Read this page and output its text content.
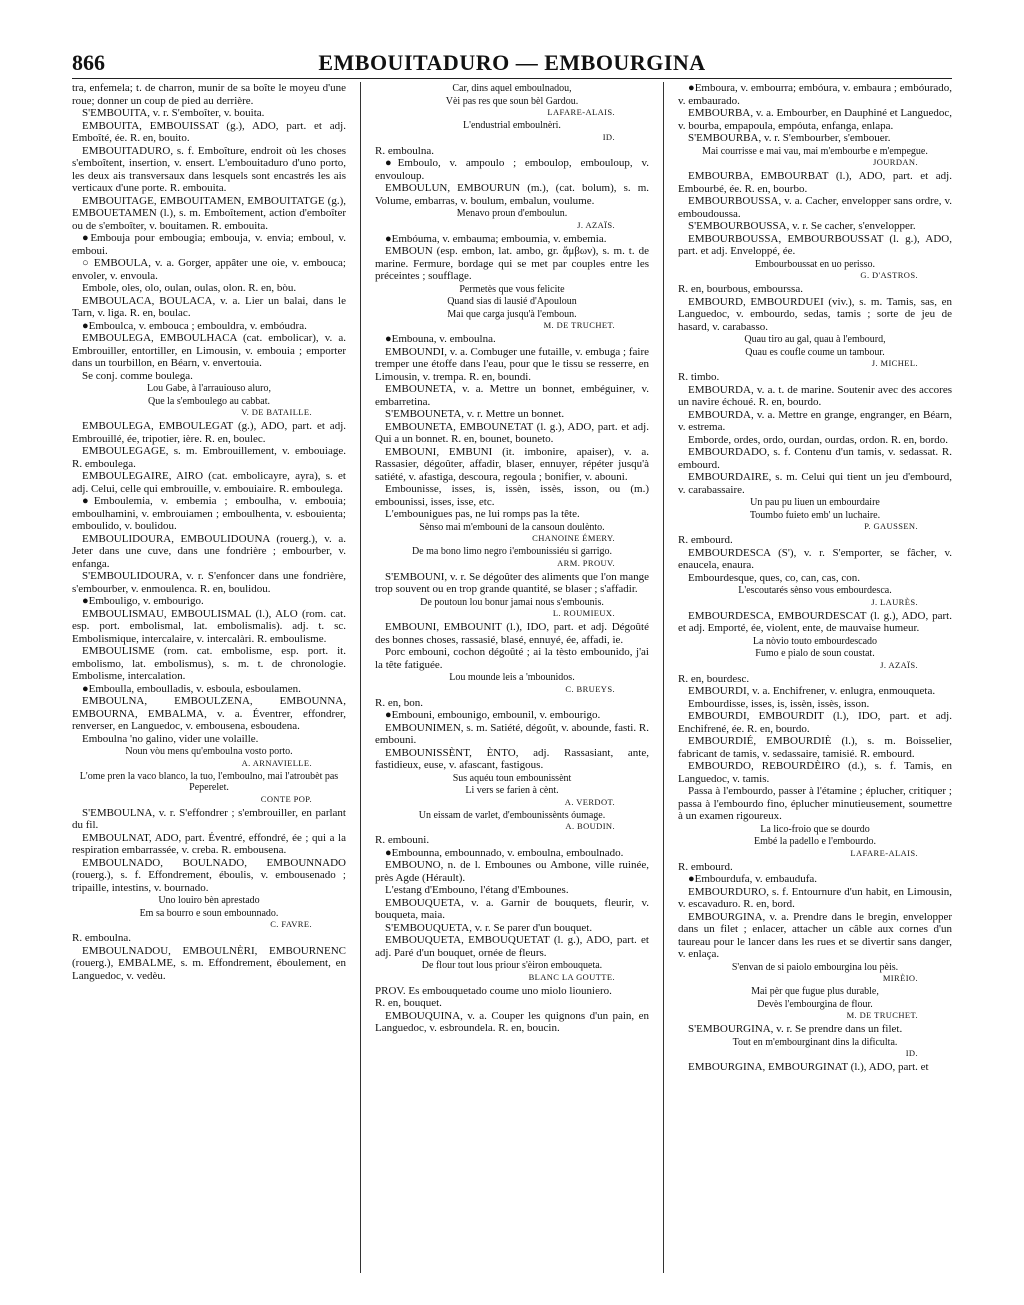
866	EMBOUITADURO — EMBOURGINA

tra, enfemela; t. de charron, munir de sa boîte le moyeu d'une roue; donner un coup de pied au derrière.

S'EMBOUITA, v. r. S'emboîter, v. bouita.

EMBOUITA, EMBOUISSAT (g.), ADO, part. et adj. Emboîté, ée. R. en, bouito.

EMBOUITADURO, s. f. Emboîture, endroit où les choses s'emboîtent, insertion, v. ensert. L'embouitaduro d'uno porto, les deux ais transversaux dans lesquels sont encastrés les ais verticaux d'une porte. R. embouita.

EMBOUITAGE, EMBOUITAMEN, EMBOUITATGE (g.), EMBOUETAMEN (l.), s. m. Emboîtement, action d'emboîter ou de s'emboîter, v. bouitamen. R. embouita.

●Embouja pour embougia; embouja, v. envia; emboul, v. emboui.

○ EMBOULA, v. a. Gorger, appâter une oie, v. embouca; envoler, v. envoula.

Embole, oles, olo, oulan, oulas, olon. R. en, bòu.

EMBOULACA, BOULACA, v. a. Lier un balai, dans le Tarn, v. liga. R. en, boulac.

●Emboulca, v. embouca ; embouldra, v. embóudra.

EMBOULEGA, EMBOULHACA (cat. embolicar), v. a. Embrouiller, entortiller, en Limousin, v. embouia ; emporter dans un tourbillon, en Béarn, v. envertouia.

Se conj. comme boulega.

Lou Gabe, à l'arrauiouso aluro,

Que la s'emboulego au cabbat.

V. DE BATAILLE.

EMBOULEGA, EMBOULEGAT (g.), ADO, part. et adj. Embrouillé, ée, tripotier, ière. R. en, boulec.

EMBOULEGAGE, s. m. Embrouillement, v. embouiage. R. emboulega.

EMBOULEGAIRE, AIRO (cat. embolicayre, ayra), s. et adj. Celui, celle qui embrouille, v. embouiaire. R. emboulega.

●Emboulemia, v. embemia ; emboulha, v. embouia; emboulhamini, v. embrouiamen ; emboulhenta, v. esbouienta; emboulido, v. boulidou.

EMBOULIDOURA, EMBOULIDOUNA (rouerg.), v. a. Jeter dans une cuve, dans une fondrière ; embourber, v. enfanga.

S'EMBOULIDOURA, v. r. S'enfoncer dans une fondrière, s'embourber, v. enmoulenca. R. en, boulidou.

●Embouligo, v. embourigo.

EMBOULISMAU, EMBOULISMAL (l.), ALO (rom. cat. esp. port. embolismal, lat. embolismalis). adj. t. sc. Embolismique, intercalaire, v. intercalàri. R. emboulisme.

EMBOULISME (rom. cat. embolisme, esp. port. it. embolismo, lat. embolismus), s. m. t. de chronologie. Embolisme, intercalation.

●Emboulla, emboulladis, v. esboula, esboulamen.

EMBOULNA, EMBOULZENA, EMBOUNNA, EMBOURNA, EMBALMA, v. a. Éventrer, effondrer, renverser, en Languedoc, v. embousena, esboudena.

Emboulna 'no galino, vider une volaille.

Noun vòu mens qu'emboulna vosto porto.

A. ARNAVIELLE.

L'ome pren la vaco blanco, la tuo, l'emboulno, mai l'atroubèt pas Peperelet.

CONTE POP.

S'EMBOULNA, v. r. S'effondrer ; s'embrouiller, en parlant du fil.

EMBOULNAT, ADO, part. Éventré, effondré, ée ; qui a la respiration embarrassée, v. creba. R. embousena.

EMBOULNADO, BOULNADO, EMBOUNNADO (rouerg.), s. f. Effondrement, éboulis, v. embousenado ; tripaille, intestins, v. bournado.

Uno louiro bèn aprestado

Em sa bourro e soun embounnado.

C. FAVRE.

R. emboulna.

EMBOULNADOU, EMBOULNÈRI, EMBOURNENC (rouerg.), EMBALME, s. m. Effondrement, éboulement, en Languedoc, v. vedèu.

Car, dins aquel emboulnadou,

Vèi pas res que soun bèl Gardou.

LAFARE-ALAIS.

L'endustrial emboulnèri.

ID.

R. emboulna.

●Emboulo, v. ampoulo ; emboulop, embouloup, v. envouloup.

EMBOULUN, EMBOURUN (m.), (cat. bolum), s. m. Volume, embarras, v. boulum, embalun, voulume.

Menavo proun d'emboulun.

J. AZAÏS.

●Embóuma, v. embauma; emboumia, v. embemia.

EMBOUN (esp. embon, lat. ambo, gr. ἄμβων), s. m. t. de marine. Fermure, bordage qui se met par couples entre les préceintes ; soufflage.

Permetès que vous felicite

Quand sias di lausié d'Apouloun

Mai que carga jusqu'à l'emboun.

M. DE TRUCHET.

●Embouna, v. emboulna.

EMBOUNDI, v. a. Combuger une futaille, v. embuga ; faire tremper une étoffe dans l'eau, pour que le tissu se resserre, en Limousin, v. trempa. R. en, boundi.

EMBOUNETA, v. a. Mettre un bonnet, embéguiner, v. embarretina.

S'EMBOUNETA, v. r. Mettre un bonnet.

EMBOUNETA, EMBOUNETAT (l. g.), ADO, part. et adj. Qui a un bonnet. R. en, bounet, bouneto.

EMBOUNI, EMBUNI (it. imbonire, apaiser), v. a. Rassasier, dégoûter, affadir, blaser, ennuyer, répéter jusqu'à satiété, v. afastiga, descoura, regoula ; bonifier, v. abouni.

Embounisse, isses, is, issèn, issès, isson, ou (m.) embounissi, isses, isse, etc.

L'embounigues pas, ne lui romps pas la tête.

Sènso mai m'embouni de la cansoun doulènto.

CHANOINE ÉMERY.

De ma bono limo negro i'embounissiéu si garrigo.

ARM. PROUV.

S'EMBOUNI, v. r. Se dégoûter des aliments que l'on mange trop souvent ou en trop grande quantité, se blaser ; s'affadir.

De poutoun lou bonur jamai nous s'embounis.

L. ROUMIEUX.

EMBOUNI, EMBOUNIT (l.), IDO, part. et adj. Dégoûté des bonnes choses, rassasié, blasé, ennuyé, ée, affadi, ie.

Porc embouni, cochon dégoûté ; ai la tèsto embounido, j'ai la tête fatiguée.

Lou mounde leis a 'mbounidos.

C. BRUEYS.

R. en, bon.

●Embouni, embounigo, embounil, v. embourigo.

EMBOUNIMEN, s. m. Satiété, dégoût, v. abounde, fasti. R. embouni.

EMBOUNISSÈNT, ÈNTO, adj. Rassasiant, ante, fastidieux, euse, v. afascant, fastigous.

Sus aquéu toun embounissènt

Li vers se farien à cènt.

A. VERDOT.

Un eissam de varlet, d'embounissènts óumage.

A. BOUDIN.

R. embouni.

●Embounna, embounnado, v. emboulna, emboulnado.

EMBOUNO, n. de l. Embounes ou Ambone, ville ruinée, près Agde (Hérault).

L'estang d'Embouno, l'étang d'Embounes.

EMBOUQUETA, v. a. Garnir de bouquets, fleurir, v. bouqueta, maia.

S'EMBOUQUETA, v. r. Se parer d'un bouquet.

EMBOUQUETA, EMBOUQUETAT (l. g.), ADO, part. et adj. Paré d'un bouquet, ornée de fleurs.

De flour tout lous priour s'èiron embouqueta.

BLANC LA GOUTTE.

PROV. Es embouquetado coume uno miolo liouniero.

R. en, bouquet.

EMBOUQUINA, v. a. Couper les quignons d'un pain, en Languedoc, v. esbroundela. R. en, boucin.

●Emboura, v. embourra; embóura, v. embaura ; embóurado, v. embaurado.

EMBOURBA, v. a. Embourber, en Dauphiné et Languedoc, v. bourba, empapoula, empóuta, enfanga, enlapa.

S'EMBOURBA, v. r. S'embourber, s'embouer.

Mai courrisse e mai vau, mai m'embourbe e m'empegue.

JOURDAN.

EMBOURBA, EMBOURBAT (l.), ADO, part. et adj. Embourbé, ée. R. en, bourbo.

EMBOURBOUSSA, v. a. Cacher, envelopper sans ordre, v. emboudoussa.

S'EMBOURBOUSSA, v. r. Se cacher, s'envelopper.

EMBOURBOUSSA, EMBOURBOUSSAT (l. g.), ADO, part. et adj. Enveloppé, ée.

Embourboussat en uo perisso.

G. D'ASTROS.

R. en, bourbous, embourssa.

EMBOURD, EMBOURDUEI (viv.), s. m. Tamis, sas, en Languedoc, v. embourdo, sedas, tamis ; sorte de jeu de hasard, v. carabasso.

Quau tiro au gal, quau à l'embourd,

Quau es coufle coume un tambour.

J. MICHEL.

R. timbo.

EMBOURDA, v. a. t. de marine. Soutenir avec des accores un navire échoué. R. en, bourdo.

EMBOURDA, v. a. Mettre en grange, engranger, en Béarn, v. estrema.

Emborde, ordes, ordo, ourdan, ourdas, ordon. R. en, bordo.

EMBOURDADO, s. f. Contenu d'un tamis, v. sedassat. R. embourd.

EMBOURDAIRE, s. m. Celui qui tient un jeu d'embourd, v. carabassaire.

Un pau pu liuen un embourdaire

Toumbo fuieto emb' un luchaire.

P. GAUSSEN.

R. embourd.

EMBOURDESCA (S'), v. r. S'emporter, se fâcher, v. enaucela, enaura.

Embourdesque, ques, co, can, cas, con.

L'escoutarés sènso vous embourdesca.

J. LAURÈS.

EMBOURDESCA, EMBOURDESCAT (l. g.), ADO, part. et adj. Emporté, ée, violent, ente, de mauvaise humeur.

La nòvio touto embourdescado

Fumo e pialo de soun coustat.

J. AZAÏS.

R. en, bourdesc.

EMBOURDI, v. a. Enchifrener, v. enlugra, enmouqueta.

Embourdisse, isses, is, issèn, issès, isson.

EMBOURDI, EMBOURDIT (l.), IDO, part. et adj. Enchifrené, ée. R. en, bourdo.

EMBOURDIÉ, EMBOURDIÈ (l.), s. m. Boisselier, fabricant de tamis, v. sedassaire, tamisié. R. embourd.

EMBOURDO, REBOURDÈIRO (d.), s. f. Tamis, en Languedoc, v. tamis.

Passa à l'embourdo, passer à l'étamine ; éplucher, critiquer ; passa à l'embourdo fino, éplucher minutieusement, soumettre à un examen rigoureux.

La lico-froio que se dourdo

Embé la padello e l'embourdo.

LAFARE-ALAIS.

R. embourd.

●Embourdufa, v. embaudufa.

EMBOURDURO, s. f. Entournure d'un habit, en Limousin, v. escavaduro. R. en, bord.

EMBOURGINA, v. a. Prendre dans le bregin, envelopper dans un filet ; enlacer, attacher un câble aux cornes d'un taureau pour le lancer dans les rues et se divertir sans danger, v. enlaça.

S'envan de si paiolo embourgina lou pèis.

MIRÈIO.

Mai pèr que fugue plus durable,

Devès l'embourgina de flour.

M. DE TRUCHET.

S'EMBOURGINA, v. r. Se prendre dans un filet.

Tout en m'embourginant dins la dificulta.

ID.

EMBOURGINA, EMBOURGINAT (l.), ADO, part. et
